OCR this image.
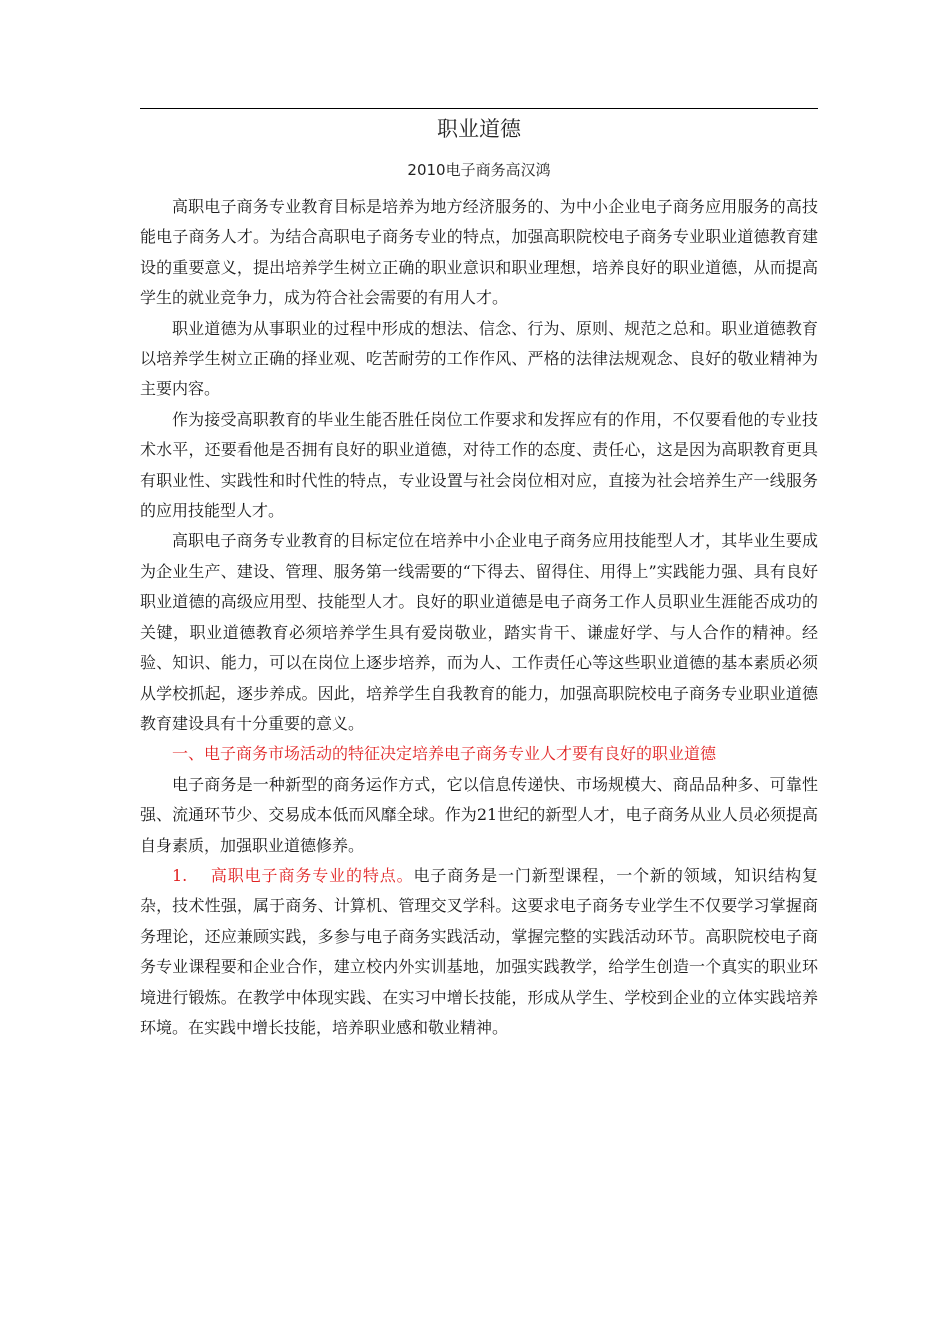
职业道德
2010电子商务高汉鸿

高职电子商务专业教育目标是培养为地方经济服务的、为中小企业电子商务应用服务的高技能电子商务人才。为结合高职电子商务专业的特点，加强高职院校电子商务专业职业道德教育建设的重要意义，提出培养学生树立正确的职业意识和职业理想，培养良好的职业道德，从而提高学生的就业竞争力，成为符合社会需要的有用人才。

职业道德为从事职业的过程中形成的想法、信念、行为、原则、规范之总和。职业道德教育以培养学生树立正确的择业观、吃苦耐劳的工作作风、严格的法律法规观念、良好的敬业精神为主要内容。

作为接受高职教育的毕业生能否胜任岗位工作要求和发挥应有的作用，不仅要看他的专业技术水平，还要看他是否拥有良好的职业道德，对待工作的态度、责任心，这是因为高职教育更具有职业性、实践性和时代性的特点，专业设置与社会岗位相对应，直接为社会培养生产一线服务的应用技能型人才。

高职电子商务专业教育的目标定位在培养中小企业电子商务应用技能型人才，其毕业生要成为企业生产、建设、管理、服务第一线需要的“下得去、留得住、用得上”实践能力强、具有良好职业道德的高级应用型、技能型人才。良好的职业道德是电子商务工作人员职业生涯能否成功的关键，职业道德教育必须培养学生具有爱岗敬业，踏实肯干、谦虚好学、与人合作的精神。经验、知识、能力，可以在岗位上逐步培养，而为人、工作责任心等这些职业道德的基本素质必须从学校抓起，逐步养成。因此，培养学生自我教育的能力，加强高职院校电子商务专业职业道德教育建设具有十分重要的意义。

一、电子商务市场活动的特征决定培养电子商务专业人才要有良好的职业道德

电子商务是一种新型的商务运作方式，它以信息传递快、市场规模大、商品品种多、可靠性强、流通环节少、交易成本低而风靡全球。作为21世纪的新型人才，电子商务从业人员必须提高自身素质，加强职业道德修养。

1. 高职电子商务专业的特点。电子商务是一门新型课程，一个新的领域，知识结构复杂，技术性强，属于商务、计算机、管理交叉学科。这要求电子商务专业学生不仅要学习掌握商务理论，还应兼顾实践，多参与电子商务实践活动，掌握完整的实践活动环节。高职院校电子商务专业课程要和企业合作，建立校内外实训基地，加强实践教学，给学生创造一个真实的职业环境进行锻炼。在教学中体现实践、在实习中增长技能，形成从学生、学校到企业的立体实践培养环境。在实践中增长技能，培养职业感和敬业精神。
